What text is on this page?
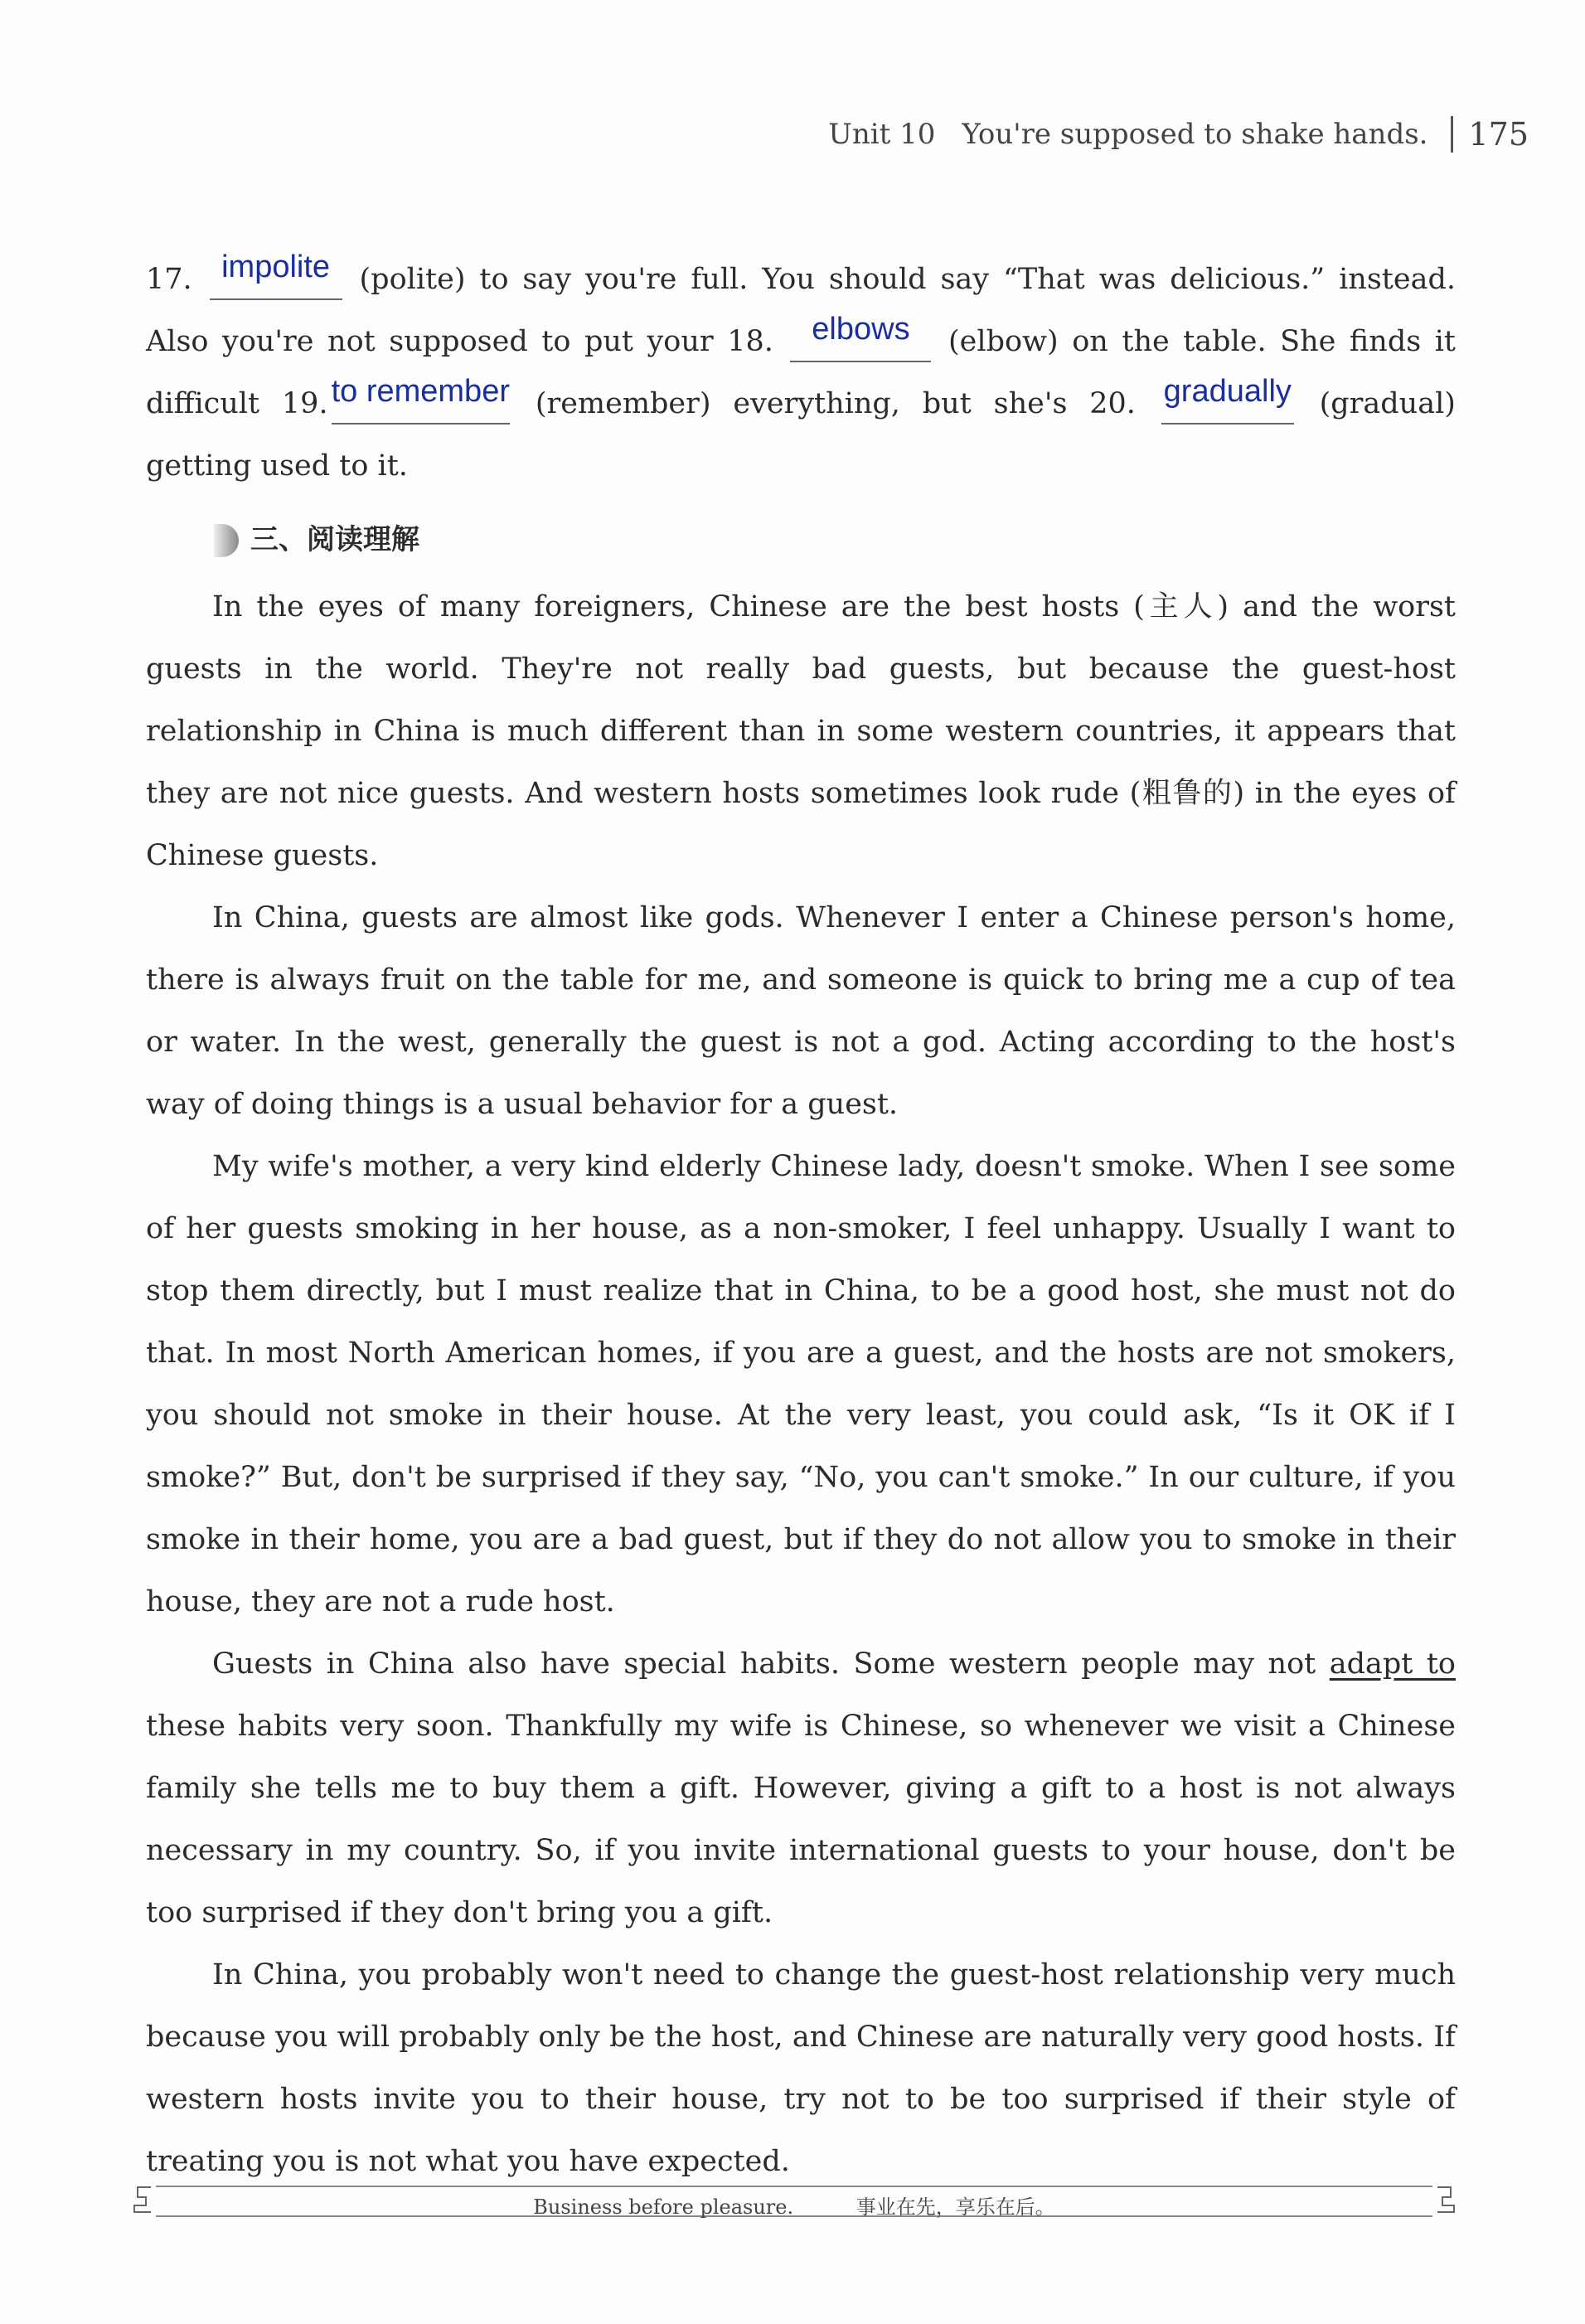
Unit 10 You're supposed to shake hands. 175

17. impolite (polite) to say you're full. You should say “That was delicious.” instead. Also you're not supposed to put your 18. elbows (elbow) on the table. She finds it difficult 19. to remember (remember) everything, but she's 20. gradually (gradual) getting used to it.

三、阅读理解

In the eyes of many foreigners, Chinese are the best hosts (主人) and the worst guests in the world. They're not really bad guests, but because the guest-host relationship in China is much different than in some western countries, it appears that they are not nice guests. And western hosts sometimes look rude (粗鲁的) in the eyes of Chinese guests.

In China, guests are almost like gods. Whenever I enter a Chinese person's home, there is always fruit on the table for me, and someone is quick to bring me a cup of tea or water. In the west, generally the guest is not a god. Acting according to the host's way of doing things is a usual behavior for a guest.

My wife's mother, a very kind elderly Chinese lady, doesn't smoke. When I see some of her guests smoking in her house, as a non-smoker, I feel unhappy. Usually I want to stop them directly, but I must realize that in China, to be a good host, she must not do that. In most North American homes, if you are a guest, and the hosts are not smokers, you should not smoke in their house. At the very least, you could ask, “Is it OK if I smoke?” But, don't be surprised if they say, “No, you can't smoke.” In our culture, if you smoke in their home, you are a bad guest, but if they do not allow you to smoke in their house, they are not a rude host.

Guests in China also have special habits. Some western people may not adapt to these habits very soon. Thankfully my wife is Chinese, so whenever we visit a Chinese family she tells me to buy them a gift. However, giving a gift to a host is not always necessary in my country. So, if you invite international guests to your house, don't be too surprised if they don't bring you a gift.

In China, you probably won't need to change the guest-host relationship very much because you will probably only be the host, and Chinese are naturally very good hosts. If western hosts invite you to their house, try not to be too surprised if their style of treating you is not what you have expected.

Business before pleasure.	事业在先，享乐在后。
